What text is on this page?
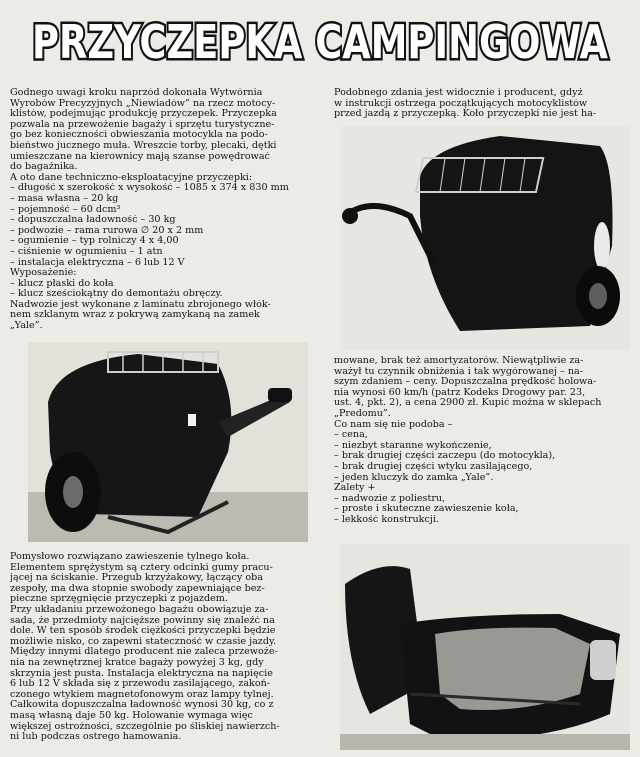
PRZYCZEPKA CAMPINGOWA
Godnego uwagi kroku naprzód dokonała Wytwórnia
Wyrobów Precyzyjnych „Niewiadów” na rzecz motocy-
klistów, podejmując produkcję przyczepek. Przyczepka
pozwala na przewożenie bagaży i sprzętu turystyczne-
go bez konieczności obwieszania motocykla na podo-
bieństwo jucznego muła. Wreszcie torby, plecaki, dętki
umieszczane na kierownicy mają szanse powędrować
do bagażnika.
A oto dane techniczno-eksploatacyjne przyczepki:
– długość x szerokość x wysokość – 1085 x 374 x 830 mm
– masa własna – 20 kg
– pojemność – 60 dcm³
– dopuszczalna ładowność – 30 kg
– podwozie – rama rurowa ∅ 20 x 2 mm
– ogumienie – typ rolniczy 4 x 4,00
– ciśnienie w ogumieniu – 1 atn
– instalacja elektryczna – 6 lub 12 V
Wyposażenie:
– klucz płaski do koła
– klucz sześciokątny do demontażu obręczy.
Nadwozie jest wykonane z laminatu zbrojonego włók-
nem szklanym wraz z pokrywą zamykaną na zamek
„Yale”.
Pomysłowo rozwiązano zawieszenie tylnego koła.
Elementem sprężystym są cztery odcinki gumy pracu-
jącej na ściskanie. Przegub krzyżakowy, łączący oba
zespoły, ma dwa stopnie swobody zapewniające bez-
pieczne sprzęgnięcie przyczepki z pojazdem.
Przy układaniu przewożonego bagażu obowiązuje za-
sada, że przedmioty najcięższe powinny się znaleźć na
dole. W ten sposób środek ciężkości przyczepki będzie
możliwie nisko, co zapewni stateczność w czasie jazdy.
Między innymi dlatego producent nie zaleca przewoże-
nia na zewnętrznej kratce bagaży powyżej 3 kg, gdy
skrzynia jest pusta. Instalacja elektryczna na napięcie
6 lub 12 V składa się z przewodu zasilającego, zakoń-
czonego wtykiem magnetofonowym oraz lampy tylnej.
Całkowita dopuszczalna ładowność wynosi 30 kg, co z
masą własną daje 50 kg. Holowanie wymaga więc
większej ostrożności, szczególnie po śliskiej nawierzch-
ni lub podczas ostrego hamowania.
Podobnego zdania jest widocznie i producent, gdyż
w instrukcji ostrzega początkujących motocyklistów
przed jazdą z przyczepką. Koło przyczepki nie jest ha-
mowane, brak też amortyzatorów. Niewątpliwie za-
ważył tu czynnik obniżenia i tak wygórowanej – na-
szym zdaniem – ceny. Dopuszczalna prędkość holowa-
nia wynosi 60 km/h (patrz Kodeks Drogowy par. 23,
ust. 4, pkt. 2), a cena 2900 zł. Kupić można w sklepach
„Predomu”.
Co nam się nie podoba –
– cena,
– niezbyt staranne wykończenie,
– brak drugiej części zaczepu (do motocykla),
– brak drugiej części wtyku zasilającego,
– jeden kluczyk do zamka „Yale”.
Zalety +
– nadwozie z poliestru,
– proste i skuteczne zawieszenie koła,
– lekkość konstrukcji.
